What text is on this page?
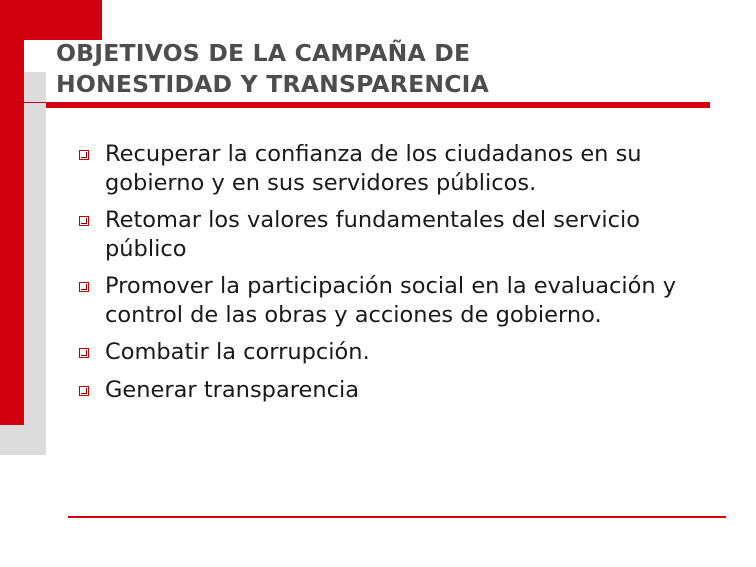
OBJETIVOS DE LA CAMPAÑA DE
HONESTIDAD Y TRANSPARENCIA
Recuperar la confianza de los ciudadanos en su gobierno y en sus servidores públicos.
Retomar los valores fundamentales del servicio público
Promover la participación social en la evaluación y control de las obras y acciones de gobierno.
Combatir la corrupción.
Generar transparencia
